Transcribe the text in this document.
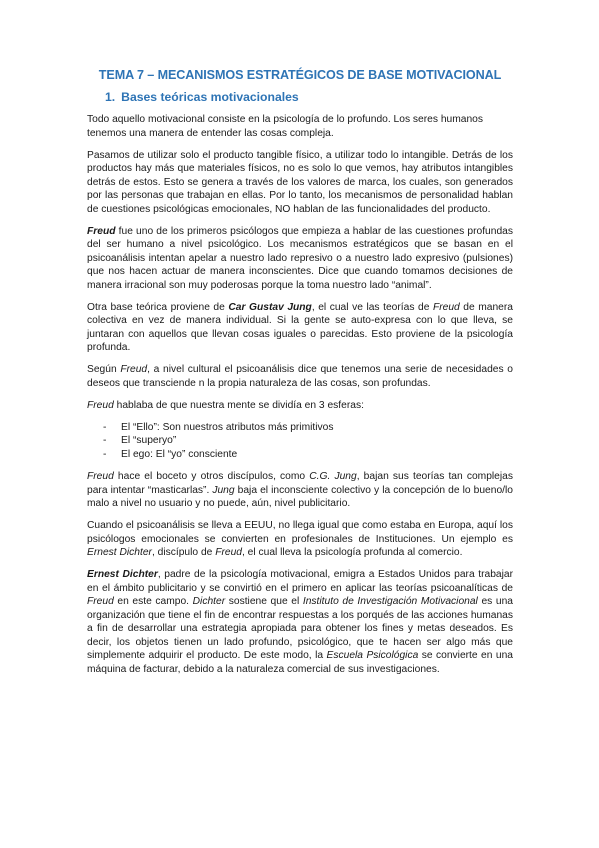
TEMA 7 – MECANISMOS ESTRATÉGICOS DE BASE MOTIVACIONAL
1. Bases teóricas motivacionales

Todo aquello motivacional consiste en la psicología de lo profundo. Los seres humanos tenemos una manera de entender las cosas compleja.

Pasamos de utilizar solo el producto tangible físico, a utilizar todo lo intangible. Detrás de los productos hay más que materiales físicos, no es solo lo que vemos, hay atributos intangibles detrás de estos. Esto se genera a través de los valores de marca, los cuales, son generados por las personas que trabajan en ellas. Por lo tanto, los mecanismos de personalidad hablan de cuestiones psicológicas emocionales, NO hablan de las funcionalidades del producto.

Freud fue uno de los primeros psicólogos que empieza a hablar de las cuestiones profundas del ser humano a nivel psicológico. Los mecanismos estratégicos que se basan en el psicoanálisis intentan apelar a nuestro lado represivo o a nuestro lado expresivo (pulsiones) que nos hacen actuar de manera inconscientes. Dice que cuando tomamos decisiones de manera irracional son muy poderosas porque la toma nuestro lado “animal”.

Otra base teórica proviene de Car Gustav Jung, el cual ve las teorías de Freud de manera colectiva en vez de manera individual. Si la gente se auto-expresa con lo que lleva, se juntaran con aquellos que llevan cosas iguales o parecidas. Esto proviene de la psicología profunda.

Según Freud, a nivel cultural el psicoanálisis dice que tenemos una serie de necesidades o deseos que transciende n la propia naturaleza de las cosas, son profundas.

Freud hablaba de que nuestra mente se dividía en 3 esferas:

- El “Ello”: Son nuestros atributos más primitivos
- El “superyo”
- El ego: El “yo” consciente

Freud hace el boceto y otros discípulos, como C.G. Jung, bajan sus teorías tan complejas para intentar “masticarlas”. Jung baja el inconsciente colectivo y la concepción de lo bueno/lo malo a nivel no usuario y no puede, aún, nivel publicitario.

Cuando el psicoanálisis se lleva a EEUU, no llega igual que como estaba en Europa, aquí los psicólogos emocionales se convierten en profesionales de Instituciones. Un ejemplo es Ernest Dichter, discípulo de Freud, el cual lleva la psicología profunda al comercio.

Ernest Dichter, padre de la psicología motivacional, emigra a Estados Unidos para trabajar en el ámbito publicitario y se convirtió en el primero en aplicar las teorías psicoanalíticas de Freud en este campo. Dichter sostiene que el Instituto de Investigación Motivacional es una organización que tiene el fin de encontrar respuestas a los porqués de las acciones humanas a fin de desarrollar una estrategia apropiada para obtener los fines y metas deseados. Es decir, los objetos tienen un lado profundo, psicológico, que te hacen ser algo más que simplemente adquirir el producto. De este modo, la Escuela Psicológica se convierte en una máquina de facturar, debido a la naturaleza comercial de sus investigaciones.
